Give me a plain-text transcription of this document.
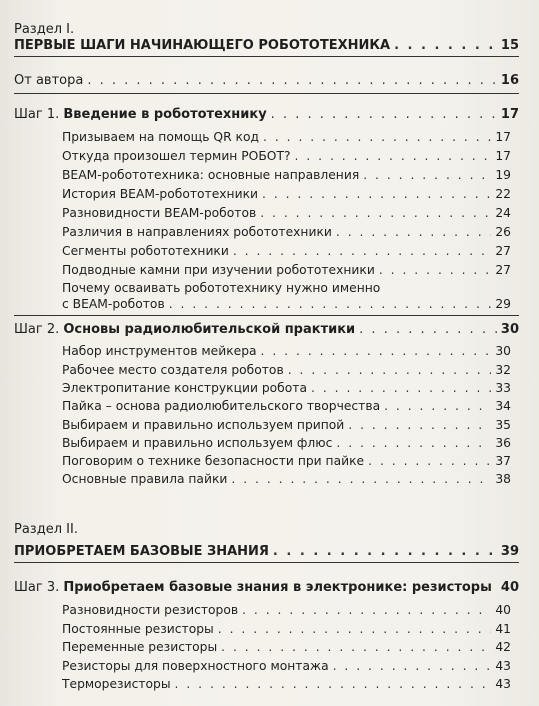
Раздел I.
ПЕРВЫЕ ШАГИ НАЧИНАЮЩЕГО РОБОТОТЕХНИКА . . .	15
От автора . . .	16
Шаг 1. Введение в робототехнику . . .	17
Призываем на помощь QR код . . .	17
Откуда произошел термин РОБОТ? . . .	17
BEAM-робототехника: основные направления . . .	19
История BEAM-робототехники . . .	22
Разновидности BEAM-роботов . . .	24
Различия в направлениях робототехники . . .	26
Сегменты робототехники . . .	27
Подводные камни при изучении робототехники . . .	27
Почему осваивать робототехнику нужно именно
с BEAM-роботов . . .	29
Шаг 2. Основы радиолюбительской практики . . .	30
Набор инструментов мейкера . . .	30
Рабочее место создателя роботов . . .	32
Электропитание конструкции робота . . .	33
Пайка – основа радиолюбительского творчества . . .	34
Выбираем и правильно используем припой . . .	35
Выбираем и правильно используем флюс . . .	36
Поговорим о технике безопасности при пайке . . .	37
Основные правила пайки . . .	38
Раздел II.
ПРИОБРЕТАЕМ БАЗОВЫЕ ЗНАНИЯ . . .	39
Шаг 3. Приобретаем базовые знания в электронике: резисторы . . . 40
Разновидности резисторов . . .	40
Постоянные резисторы . . .	41
Переменные резисторы . . .	42
Резисторы для поверхностного монтажа . . .	43
Терморезисторы . . .	43
